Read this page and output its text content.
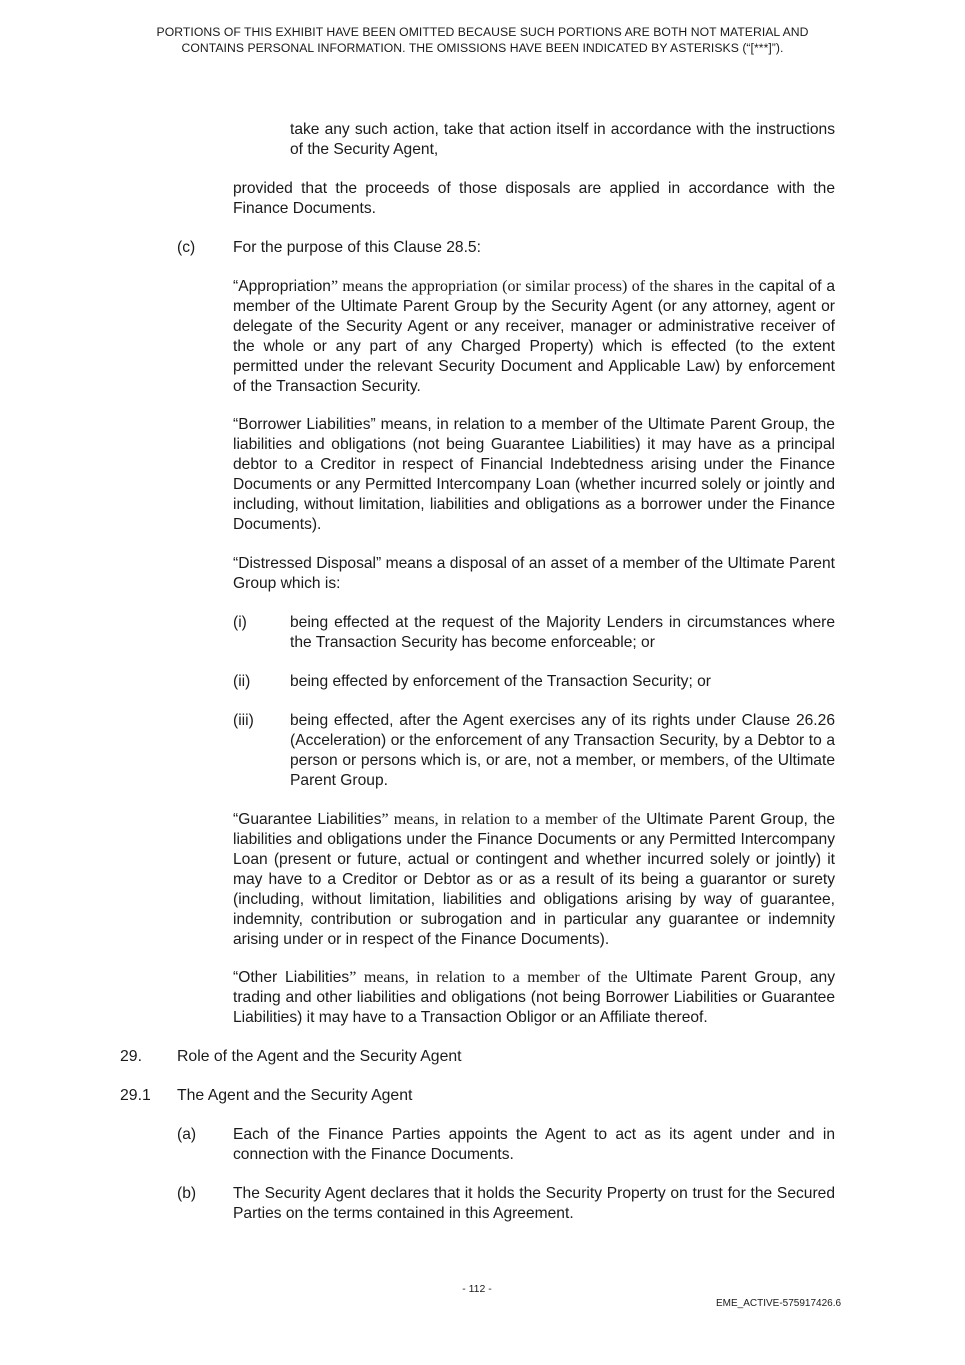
PORTIONS OF THIS EXHIBIT HAVE BEEN OMITTED BECAUSE SUCH PORTIONS ARE BOTH NOT MATERIAL AND
CONTAINS PERSONAL INFORMATION. THE OMISSIONS HAVE BEEN INDICATED BY ASTERISKS (“[***]”).

take any such action, take that action itself in accordance with the instructions of the Security Agent,

provided that the proceeds of those disposals are applied in accordance with the Finance Documents.

(c) For the purpose of this Clause 28.5:

“Appropriation” means the appropriation (or similar process) of the shares in the capital of a member of the Ultimate Parent Group by the Security Agent (or any attorney, agent or delegate of the Security Agent or any receiver, manager or administrative receiver of the whole or any part of any Charged Property) which is effected (to the extent permitted under the relevant Security Document and Applicable Law) by enforcement of the Transaction Security.

“Borrower Liabilities” means, in relation to a member of the Ultimate Parent Group, the liabilities and obligations (not being Guarantee Liabilities) it may have as a principal debtor to a Creditor in respect of Financial Indebtedness arising under the Finance Documents or any Permitted Intercompany Loan (whether incurred solely or jointly and including, without limitation, liabilities and obligations as a borrower under the Finance Documents).

“Distressed Disposal” means a disposal of an asset of a member of the Ultimate Parent Group which is:

(i)	being effected at the request of the Majority Lenders in circumstances where the Transaction Security has become enforceable; or
(ii)	being effected by enforcement of the Transaction Security; or
(iii) being effected, after the Agent exercises any of its rights under Clause 26.26 (Acceleration) or the enforcement of any Transaction Security, by a Debtor to a person or persons which is, or are, not a member, or members, of the Ultimate Parent Group.

“Guarantee Liabilities” means, in relation to a member of the Ultimate Parent Group, the liabilities and obligations under the Finance Documents or any Permitted Intercompany Loan (present or future, actual or contingent and whether incurred solely or jointly) it may have to a Creditor or Debtor as or as a result of its being a guarantor or surety (including, without limitation, liabilities and obligations arising by way of guarantee, indemnity, contribution or subrogation and in particular any guarantee or indemnity arising under or in respect of the Finance Documents).

“Other Liabilities” means, in relation to a member of the Ultimate Parent Group, any trading and other liabilities and obligations (not being Borrower Liabilities or Guarantee Liabilities) it may have to a Transaction Obligor or an Affiliate thereof.

29. Role of the Agent and the Security Agent
29.1 The Agent and the Security Agent
(a) Each of the Finance Parties appoints the Agent to act as its agent under and in connection with the Finance Documents.
(b) The Security Agent declares that it holds the Security Property on trust for the Secured Parties on the terms contained in this Agreement.
- 112 -
EME_ACTIVE-575917426.6
